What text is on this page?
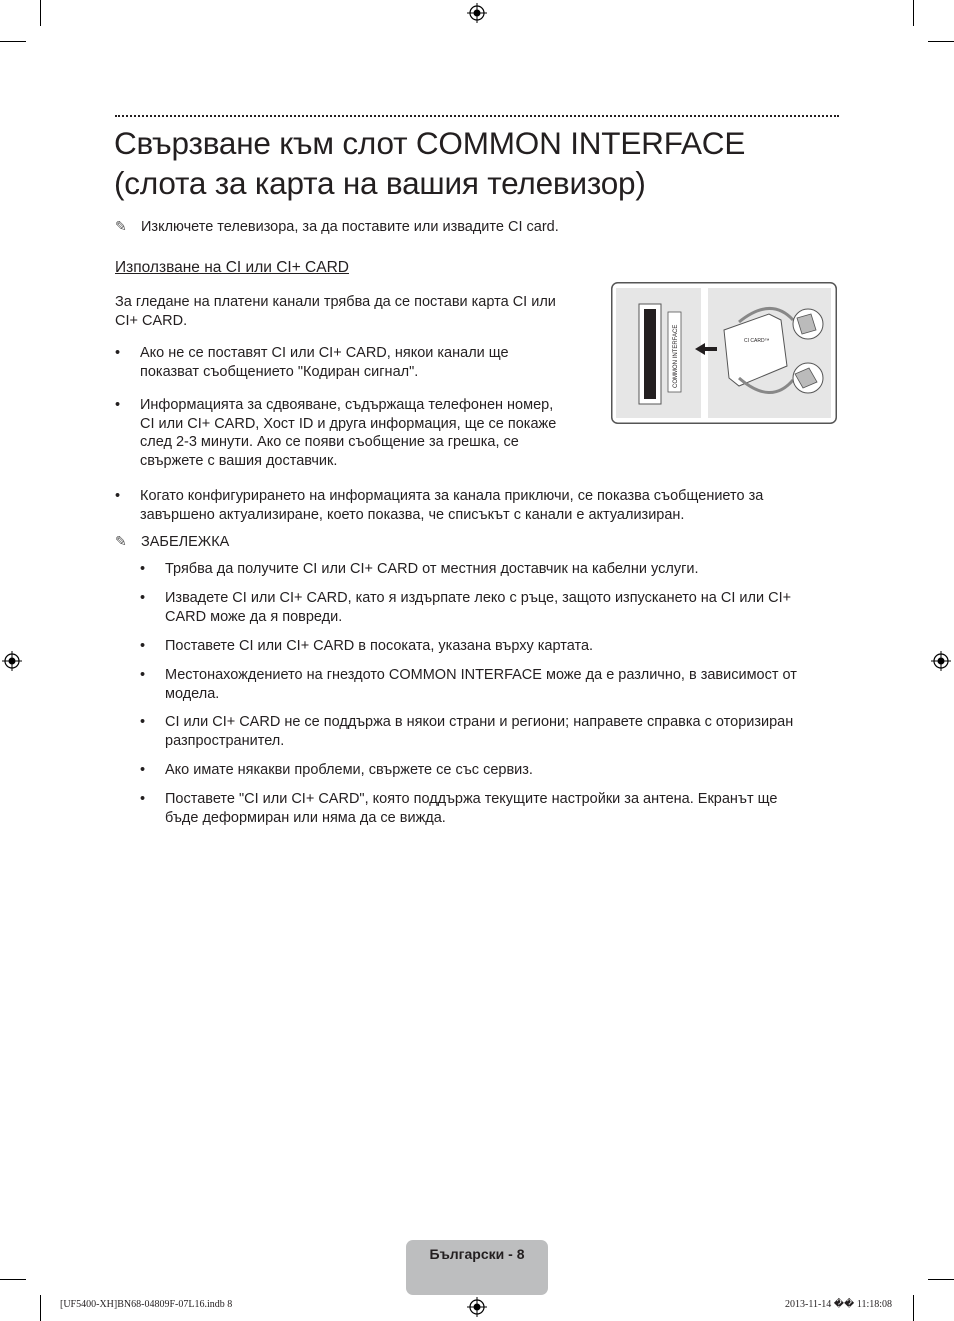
Свързване към слот COMMON INTERFACE
(слота за карта на вашия телевизор)
✎ Изключете телевизора, за да поставите или извадите CI card.
Използване на CI или CI+ CARD
За гледане на платени канали трябва да се постави карта CI или
CI+ CARD.
• Ако не се поставят CI или CI+ CARD, някои канали ще
показват съобщението "Кодиран сигнал".
• Информацията за сдвояване, съдържаща телефонен номер,
CI или CI+ CARD, Хост ID и друга информация, ще се покаже
след 2-3 минути. Ако се появи съобщение за грешка, се
свържете с вашия доставчик.
• Когато конфигурирането на информацията за канала приключи, се показва съобщението за
завършено актуализиране, което показва, че списъкът с канали е актуализиран.
COMMON INTERFACE	CI CARD™
✎ ЗАБЕЛЕЖКА
• Трябва да получите CI или CI+ CARD от местния доставчик на кабелни услуги.
• Извадете CI или CI+ CARD, като я издърпате леко с ръце, защото изпускането на CI или CI+
CARD може да я повреди.
• Поставете CI или CI+ CARD в посоката, указана върху картата.
• Местонахождението на гнездото COMMON INTERFACE може да е различно, в зависимост от
модела.
• CI или CI+ CARD не се поддържа в някои страни и региони; направете справка с оторизиран
разпространител.
• Ако имате някакви проблеми, свържете се със сервиз.
• Поставете "CI или CI+ CARD", която поддържа текущите настройки за антена. Екранът ще
бъде деформиран или няма да се вижда.
Български - 8
[UF5400-XH]BN68-04809F-07L16.indb 8	2013-11-14 �� 11:18:08
